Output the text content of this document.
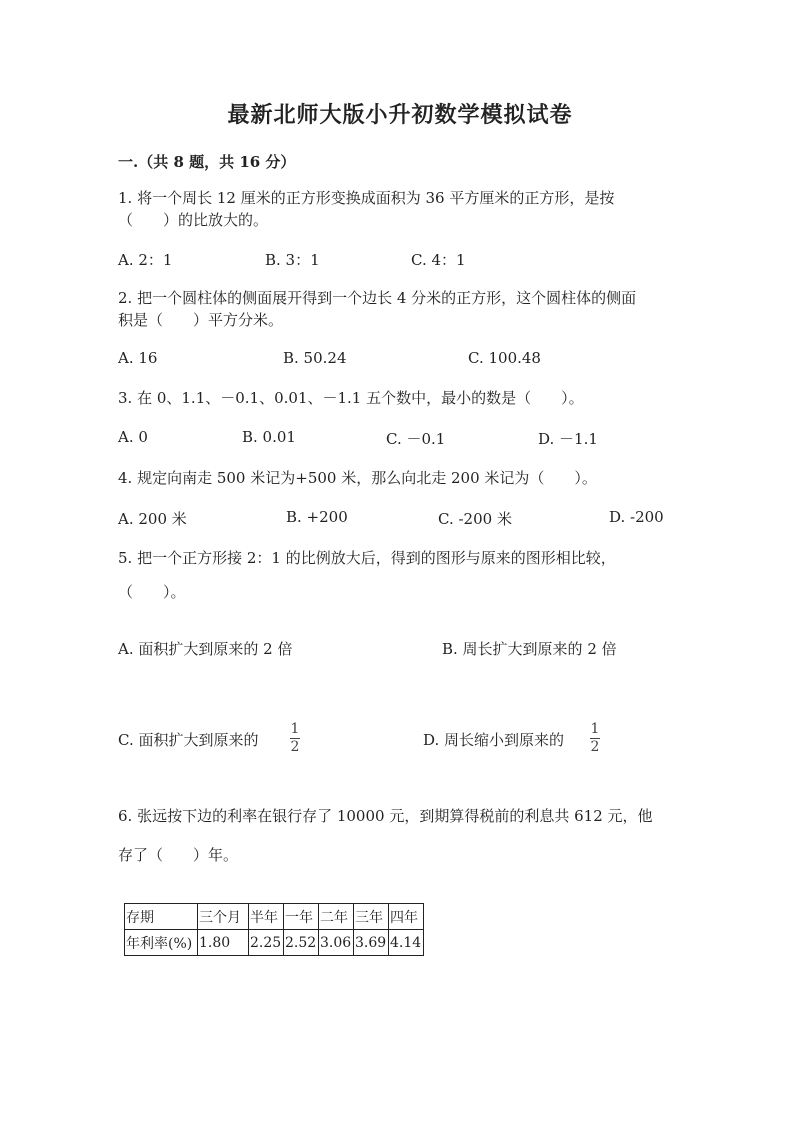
最新北师大版小升初数学模拟试卷
一.（共 8 题，共 16 分）
1. 将一个周长 12 厘米的正方形变换成面积为 36 平方厘米的正方形，是按
（　　）的比放大的。
A. 2：1	B. 3：1	C. 4：1
2. 把一个圆柱体的侧面展开得到一个边长 4 分米的正方形，这个圆柱体的侧面
积是（　　）平方分米。
A. 16	B. 50.24	C. 100.48
3. 在 0、1.1、－0.1、0.01、－1.1 五个数中，最小的数是（　　）。
A. 0	B. 0.01	C. －0.1	D. －1.1
4. 规定向南走 500 米记为+500 米，那么向北走 200 米记为（　　）。
A. 200 米	B. +200	C. -200 米	D. -200
5. 把一个正方形接 2：1 的比例放大后，得到的图形与原来的图形相比较，
（　　）。
A. 面积扩大到原来的 2 倍	B. 周长扩大到原来的 2 倍
C. 面积扩大到原来的
1
2	D. 周长缩小到原来的
1
2
6. 张远按下边的利率在银行存了 10000 元，到期算得税前的利息共 612 元，他
存了（　　）年。
存期	三个月	半年	一年	二年	三年	四年
年利率(%)	1.80	2.25	2.52	3.06	3.69	4.14
